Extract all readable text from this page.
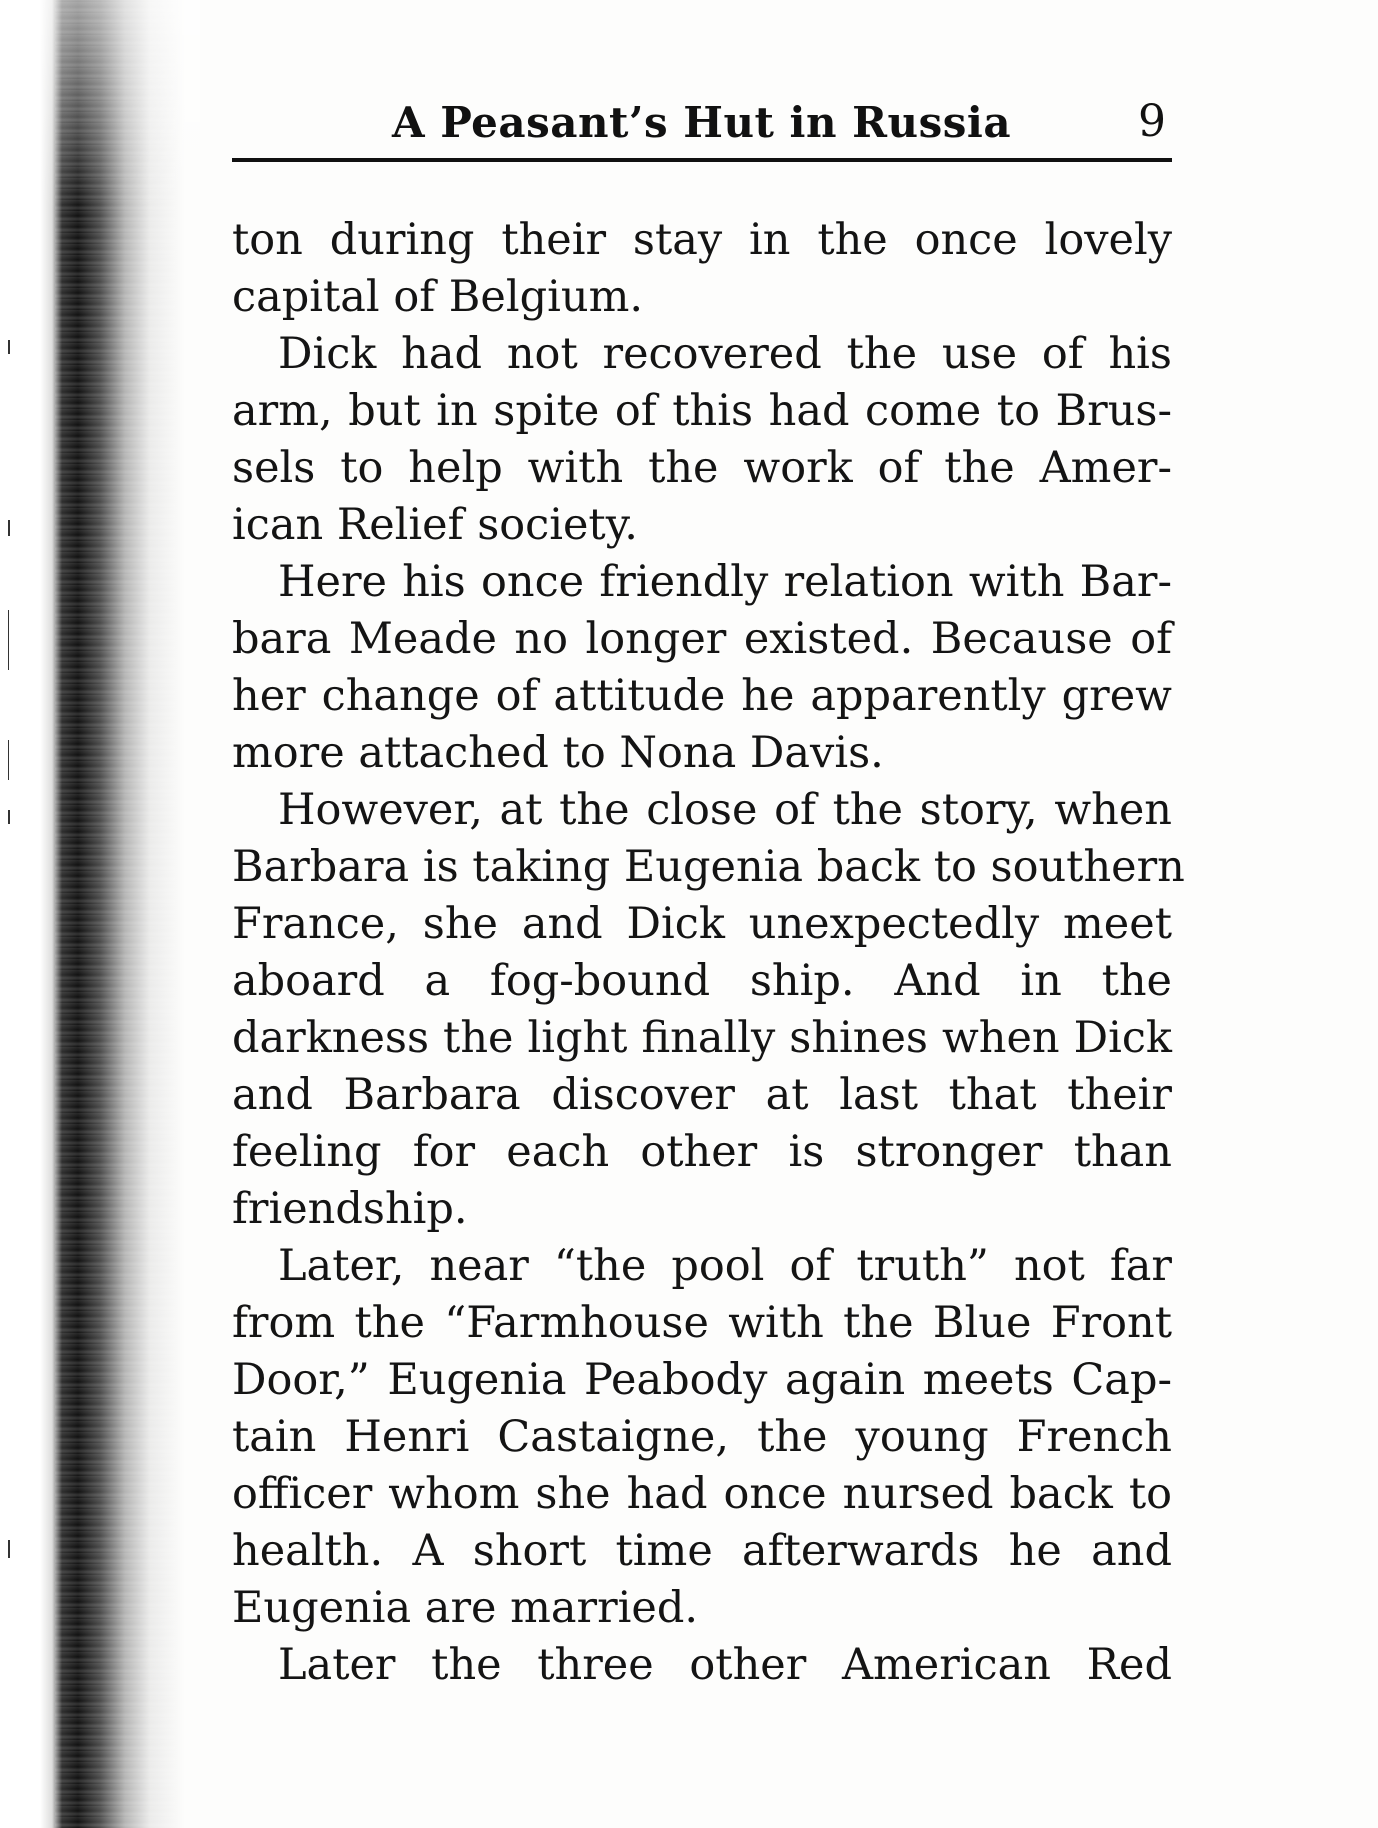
A Peasant’s Hut in Russia	9
ton during their stay in the once lovely
capital of Belgium.
Dick had not recovered the use of his
arm, but in spite of this had come to Brus-
sels to help with the work of the Amer-
ican Relief society.
Here his once friendly relation with Bar-
bara Meade no longer existed. Because of
her change of attitude he apparently grew
more attached to Nona Davis.
However, at the close of the story, when
Barbara is taking Eugenia back to southern
France, she and Dick unexpectedly meet
aboard a fog-bound ship. And in the
darkness the light finally shines when Dick
and Barbara discover at last that their
feeling for each other is stronger than
friendship.
Later, near “the pool of truth” not far
from the “Farmhouse with the Blue Front
Door,” Eugenia Peabody again meets Cap-
tain Henri Castaigne, the young French
officer whom she had once nursed back to
health. A short time afterwards he and
Eugenia are married.
Later the three other American Red
